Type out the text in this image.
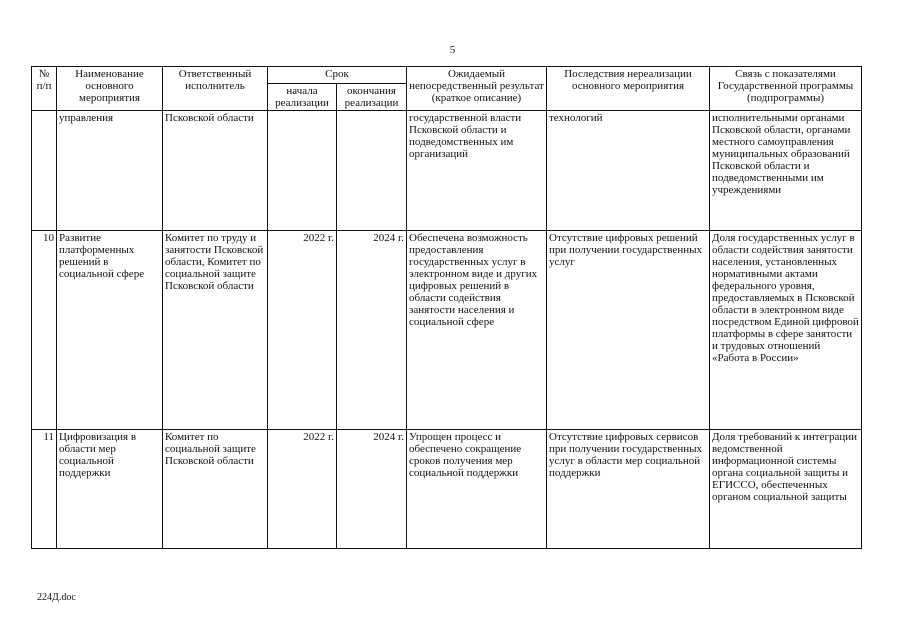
5
№ п/п	Наименование основного мероприятия	Ответственный исполнитель	Срок		Ожидаемый непосредственный результат (краткое описание)	Последствия нереализации основного мероприятия	Связь с показателями Государственной программы (подпрограммы)
			начала реализации	окончания реализации			
	управления	Псковской области			государственной власти Псковской области и подведомственных им организаций	технологий	исполнительными органами Псковской области, органами местного самоуправления муниципальных образований Псковской области и подведомственными им учреждениями
10	Развитие платформенных решений в социальной сфере	Комитет по труду и занятости Псковской области, Комитет по социальной защите Псковской области	2022 г.	2024 г.	Обеспечена возможность предоставления государственных услуг в электронном виде и других цифровых решений в области содействия занятости населения и социальной сфере	Отсутствие цифровых решений при получении государственных услуг	Доля государственных услуг в области содействия занятости населения, установленных нормативными актами федерального уровня, предоставляемых в Псковской области в электронном виде посредством Единой цифровой платформы в сфере занятости и трудовых отношений «Работа в России»
11	Цифровизация в области мер социальной поддержки	Комитет по социальной защите Псковской области	2022 г.	2024 г.	Упрощен процесс и обеспечено сокращение сроков получения мер социальной поддержки	Отсутствие цифровых сервисов при получении государственных услуг в области мер социальной поддержки	Доля требований к интеграции ведомственной информационной системы органа социальной защиты и ЕГИССО, обеспеченных органом социальной защиты
224Д.doc
